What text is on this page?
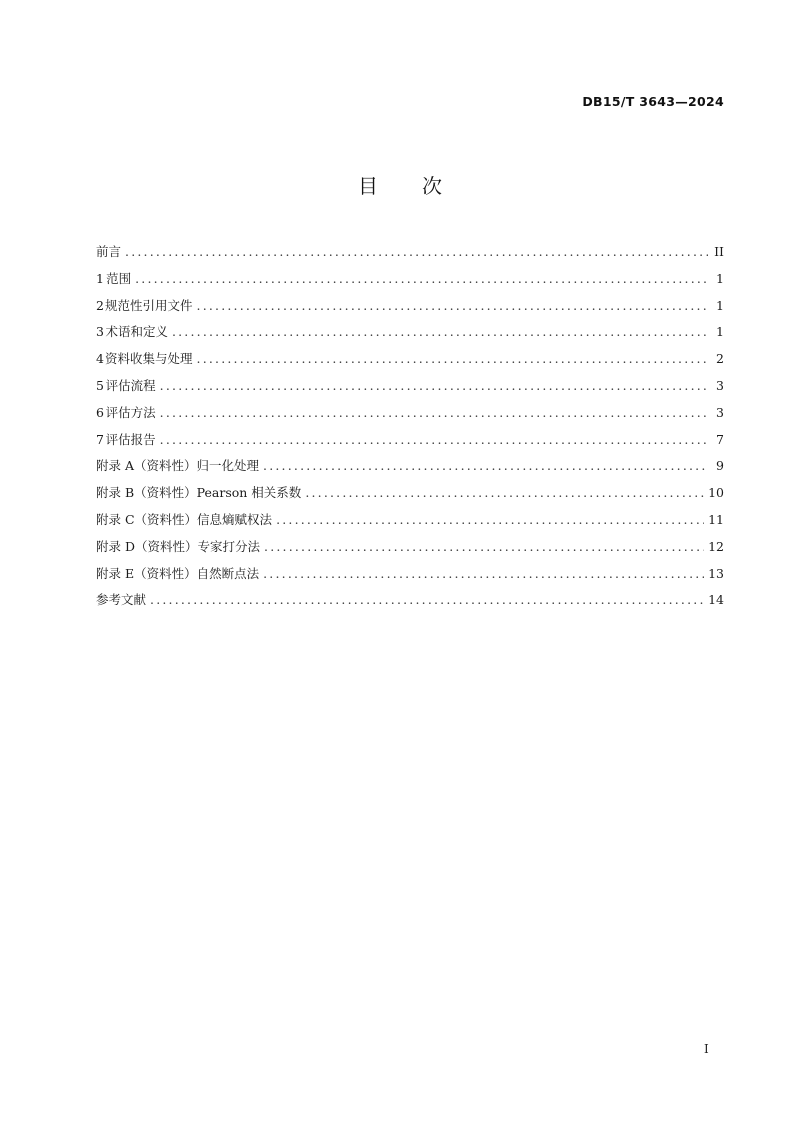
DB15/T 3643—2024
目 次
前言 .....	II
1 范围 .....	1
2 规范性引用文件 .....	1
3 术语和定义 .....	1
4 资料收集与处理 .....	2
5 评估流程 .....	3
6 评估方法 .....	3
7 评估报告 .....	7
附录 A（资料性） 归一化处理 .....	9
附录 B（资料性） Pearson 相关系数 .....	10
附录 C（资料性） 信息熵赋权法 .....	11
附录 D（资料性） 专家打分法 .....	12
附录 E（资料性） 自然断点法 .....	13
参考文献 .....	14
I
